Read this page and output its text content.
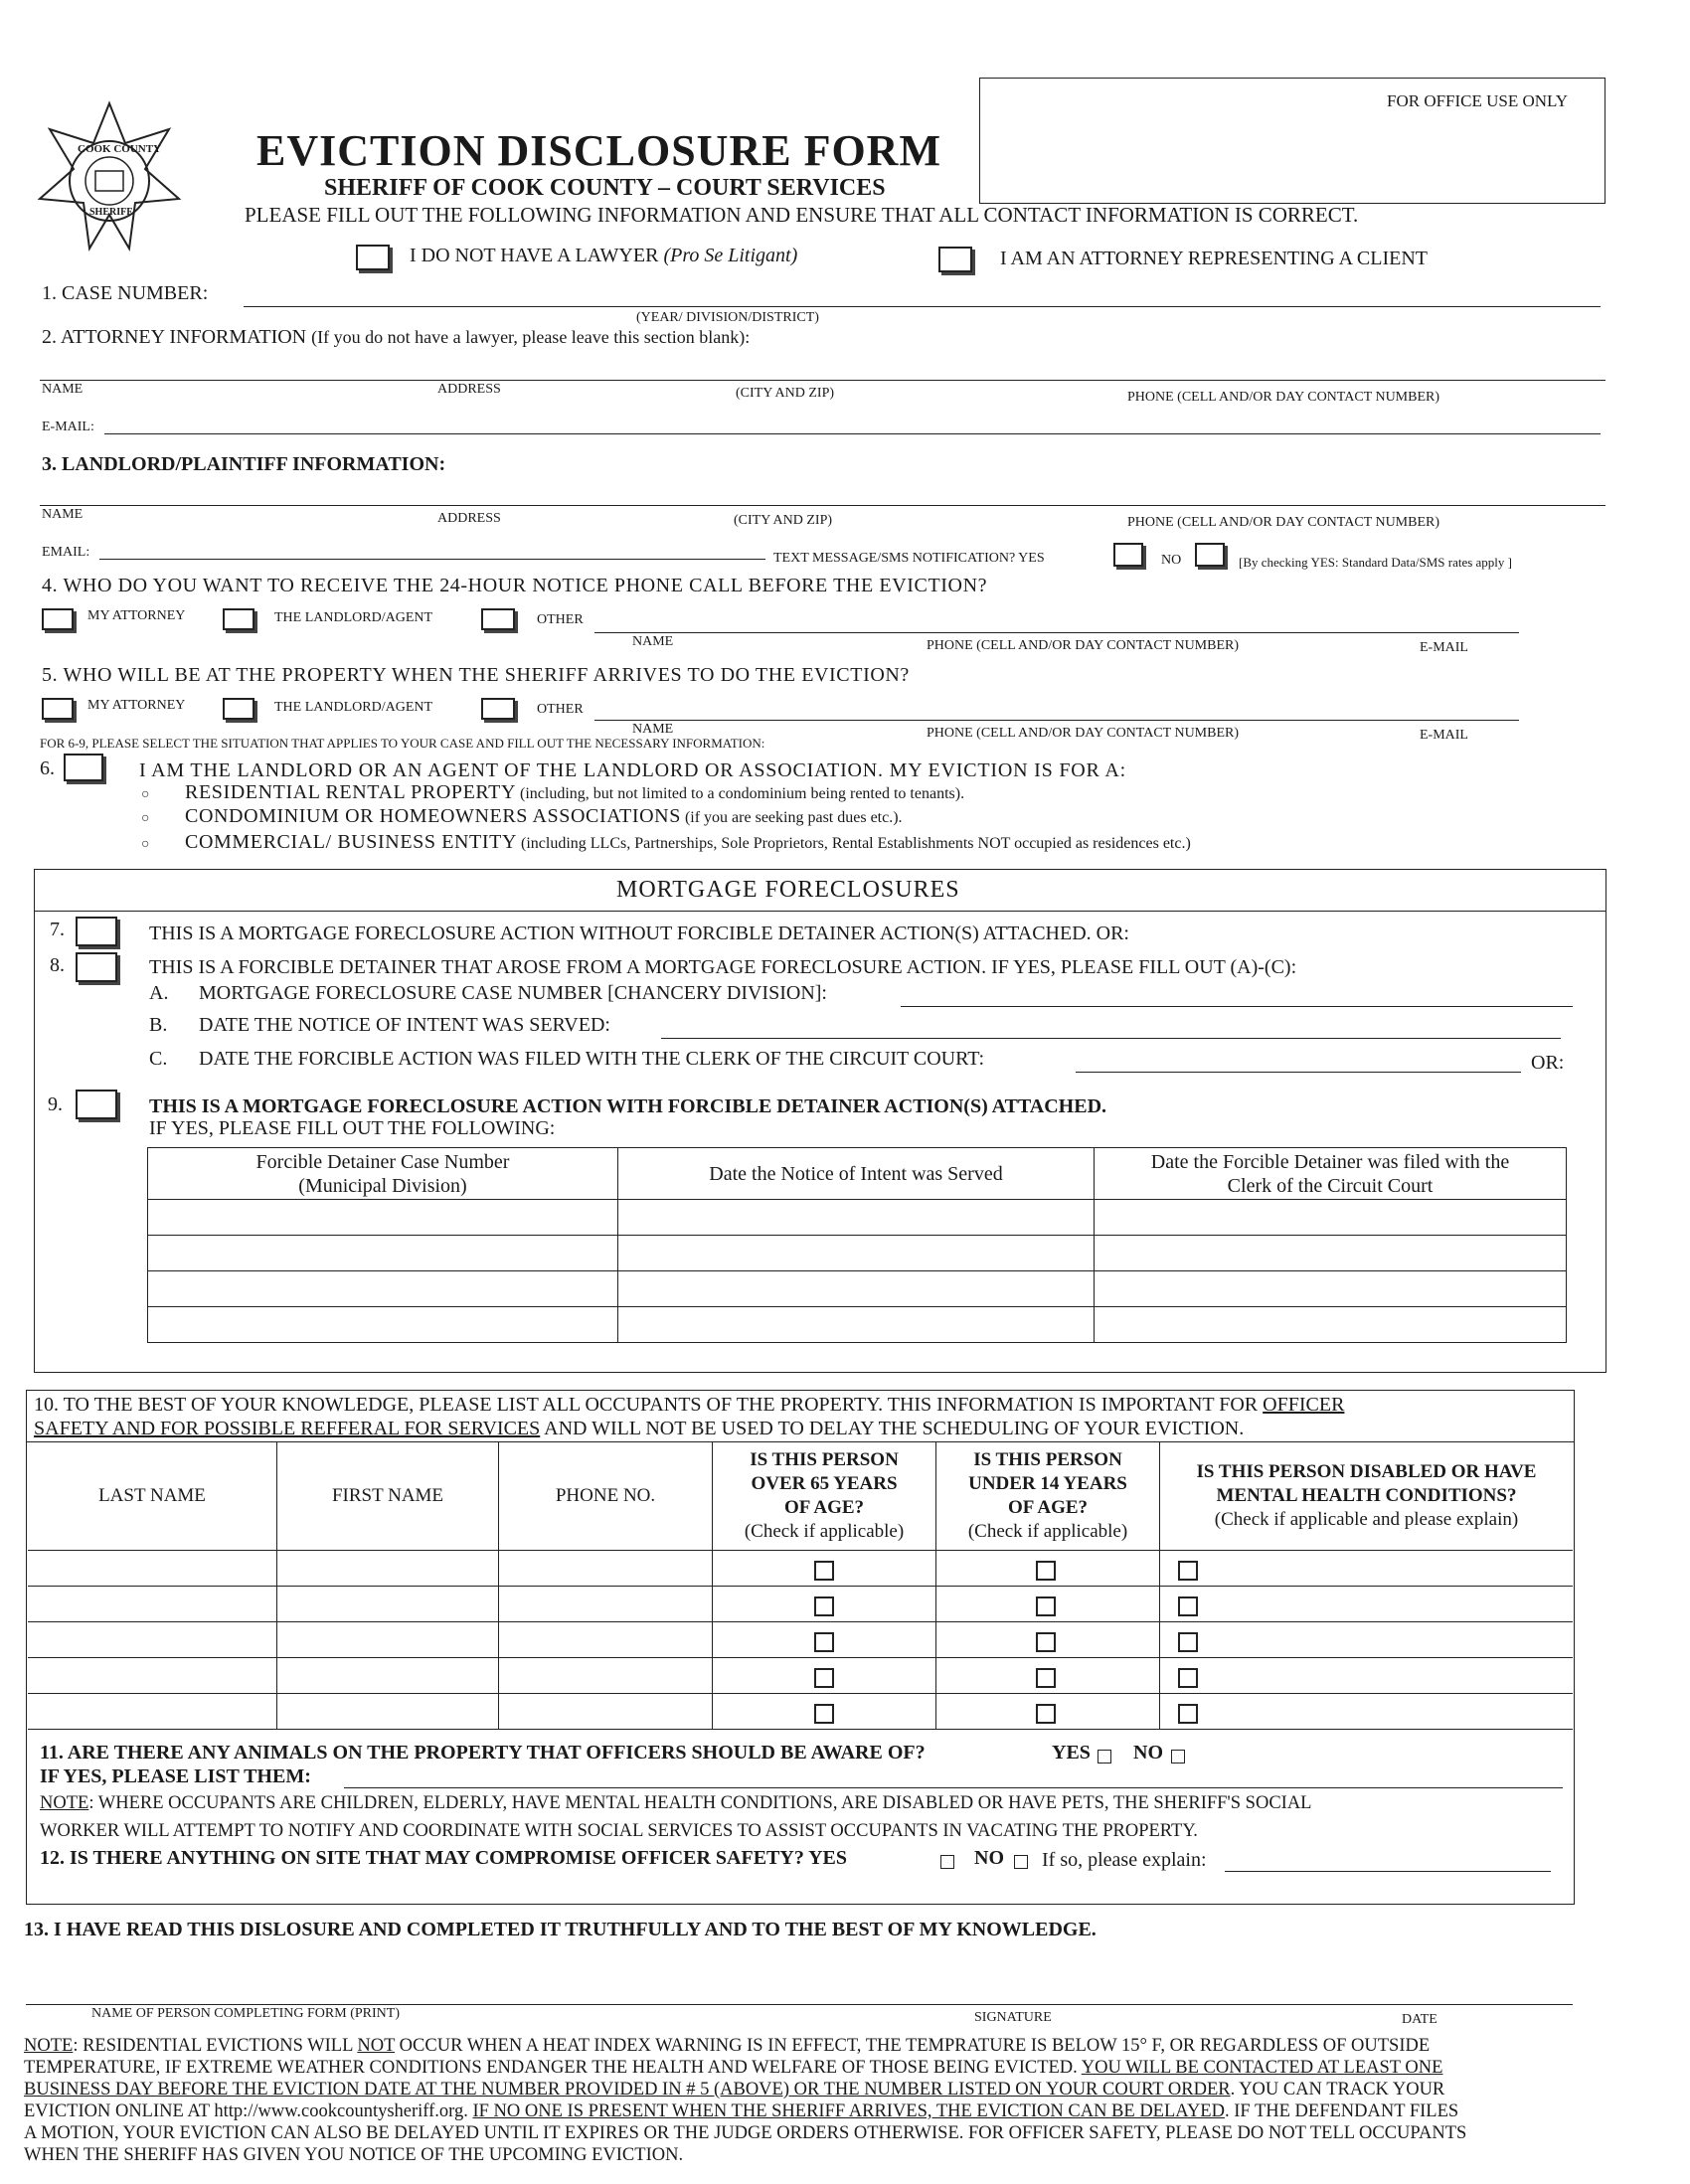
COOK COUNTY
SHERIFF
EVICTION DISCLOSURE FORM
SHERIFF OF COOK COUNTY – COURT SERVICES
PLEASE FILL OUT THE FOLLOWING INFORMATION AND ENSURE THAT ALL CONTACT INFORMATION IS CORRECT.
FOR OFFICE USE ONLY
I DO NOT HAVE A LAWYER (Pro Se Litigant)	I AM AN ATTORNEY REPRESENTING A CLIENT
1. CASE NUMBER:
(YEAR/ DIVISION/DISTRICT)
2. ATTORNEY INFORMATION (If you do not have a lawyer, please leave this section blank):
NAME	ADDRESS	(CITY AND ZIP)	PHONE (CELL AND/OR DAY CONTACT NUMBER)
E-MAIL:
3. LANDLORD/PLAINTIFF INFORMATION:
NAME	ADDRESS	(CITY AND ZIP)	PHONE (CELL AND/OR DAY CONTACT NUMBER)
EMAIL:	TEXT MESSAGE/SMS NOTIFICATION? YES	NO	[By checking YES: Standard Data/SMS rates apply ]
4. WHO DO YOU WANT TO RECEIVE THE 24-HOUR NOTICE PHONE CALL BEFORE THE EVICTION?
MY ATTORNEY	THE LANDLORD/AGENT	OTHER
NAME	PHONE (CELL AND/OR DAY CONTACT NUMBER)	E-MAIL
5. WHO WILL BE AT THE PROPERTY WHEN THE SHERIFF ARRIVES TO DO THE EVICTION?
MY ATTORNEY	THE LANDLORD/AGENT	OTHER
NAME	PHONE (CELL AND/OR DAY CONTACT NUMBER)	E-MAIL
FOR 6-9, PLEASE SELECT THE SITUATION THAT APPLIES TO YOUR CASE AND FILL OUT THE NECESSARY INFORMATION:
6.	I AM THE LANDLORD OR AN AGENT OF THE LANDLORD OR ASSOCIATION. MY EVICTION IS FOR A:
○ RESIDENTIAL RENTAL PROPERTY (including, but not limited to a condominium being rented to tenants).
○ CONDOMINIUM OR HOMEOWNERS ASSOCIATIONS (if you are seeking past dues etc.).
○ COMMERCIAL/ BUSINESS ENTITY (including LLCs, Partnerships, Sole Proprietors, Rental Establishments NOT occupied as residences etc.)
MORTGAGE FORECLOSURES
7.	THIS IS A MORTGAGE FORECLOSURE ACTION WITHOUT FORCIBLE DETAINER ACTION(S) ATTACHED. OR:
8.	THIS IS A FORCIBLE DETAINER THAT AROSE FROM A MORTGAGE FORECLOSURE ACTION. IF YES, PLEASE FILL OUT (A)-(C):
A. MORTGAGE FORECLOSURE CASE NUMBER [CHANCERY DIVISION]:
B. DATE THE NOTICE OF INTENT WAS SERVED:
C. DATE THE FORCIBLE ACTION WAS FILED WITH THE CLERK OF THE CIRCUIT COURT:	OR:
9.	THIS IS A MORTGAGE FORECLOSURE ACTION WITH FORCIBLE DETAINER ACTION(S) ATTACHED.
IF YES, PLEASE FILL OUT THE FOLLOWING:
Forcible Detainer Case Number
(Municipal Division)	Date the Notice of Intent was Served	Date the Forcible Detainer was filed with the
Clerk of the Circuit Court

10. TO THE BEST OF YOUR KNOWLEDGE, PLEASE LIST ALL OCCUPANTS OF THE PROPERTY. THIS INFORMATION IS IMPORTANT FOR OFFICER
SAFETY AND FOR POSSIBLE REFFERAL FOR SERVICES AND WILL NOT BE USED TO DELAY THE SCHEDULING OF YOUR EVICTION.
LAST NAME	FIRST NAME	PHONE NO.	IS THIS PERSON
OVER 65 YEARS
OF AGE?
(Check if applicable)	IS THIS PERSON
UNDER 14 YEARS
OF AGE?
(Check if applicable)	IS THIS PERSON DISABLED OR HAVE
MENTAL HEALTH CONDITIONS?
(Check if applicable and please explain)

11. ARE THERE ANY ANIMALS ON THE PROPERTY THAT OFFICERS SHOULD BE AWARE OF?	YES NO
IF YES, PLEASE LIST THEM:
NOTE: WHERE OCCUPANTS ARE CHILDREN, ELDERLY, HAVE MENTAL HEALTH CONDITIONS, ARE DISABLED OR HAVE PETS, THE SHERIFF'S SOCIAL
WORKER WILL ATTEMPT TO NOTIFY AND COORDINATE WITH SOCIAL SERVICES TO ASSIST OCCUPANTS IN VACATING THE PROPERTY.
12. IS THERE ANYTHING ON SITE THAT MAY COMPROMISE OFFICER SAFETY? YES	NO If so, please explain:
13. I HAVE READ THIS DISLOSURE AND COMPLETED IT TRUTHFULLY AND TO THE BEST OF MY KNOWLEDGE.
NAME OF PERSON COMPLETING FORM (PRINT)	SIGNATURE	DATE
NOTE: RESIDENTIAL EVICTIONS WILL NOT OCCUR WHEN A HEAT INDEX WARNING IS IN EFFECT, THE TEMPRATURE IS BELOW 15° F, OR REGARDLESS OF OUTSIDE
TEMPERATURE, IF EXTREME WEATHER CONDITIONS ENDANGER THE HEALTH AND WELFARE OF THOSE BEING EVICTED. YOU WILL BE CONTACTED AT LEAST ONE
BUSINESS DAY BEFORE THE EVICTION DATE AT THE NUMBER PROVIDED IN # 5 (ABOVE) OR THE NUMBER LISTED ON YOUR COURT ORDER. YOU CAN TRACK YOUR
EVICTION ONLINE AT http://www.cookcountysheriff.org. IF NO ONE IS PRESENT WHEN THE SHERIFF ARRIVES, THE EVICTION CAN BE DELAYED. IF THE DEFENDANT FILES
A MOTION, YOUR EVICTION CAN ALSO BE DELAYED UNTIL IT EXPIRES OR THE JUDGE ORDERS OTHERWISE. FOR OFFICER SAFETY, PLEASE DO NOT TELL OCCUPANTS
WHEN THE SHERIFF HAS GIVEN YOU NOTICE OF THE UPCOMING EVICTION.
